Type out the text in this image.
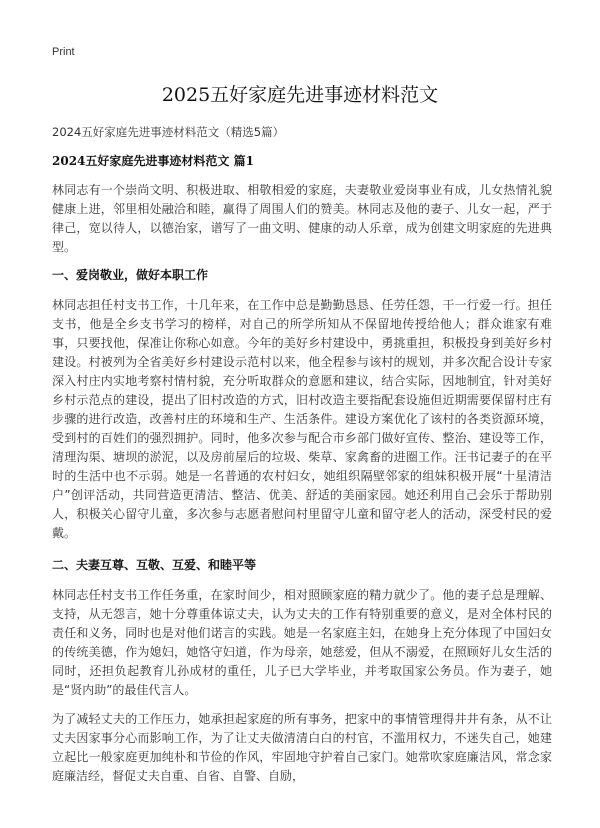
Print
2025五好家庭先进事迹材料范文
2024五好家庭先进事迹材料范文（精选5篇）
2024五好家庭先进事迹材料范文 篇1

林同志有一个崇尚文明、积极进取、相敬相爱的家庭，夫妻敬业爱岗事业有成，儿女热情礼貌健康上进，邻里相处融洽和睦，赢得了周围人们的赞美。林同志及他的妻子、儿女一起，严于律己，宽以待人，以德治家，谱写了一曲文明、健康的动人乐章，成为创建文明家庭的先进典型。

一、爱岗敬业，做好本职工作

林同志担任村支书工作，十几年来，在工作中总是勤勤恳恳、任劳任怨，干一行爱一行。担任支书，他是全乡支书学习的榜样，对自己的所学所知从不保留地传授给他人；群众谁家有难事，只要找他，保准让你称心如意。今年的美好乡村建设中，勇挑重担，积极投身到美好乡村建设。村被列为全省美好乡村建设示范村以来，他全程参与该村的规划，并多次配合设计专家深入村庄内实地考察村情村貌，充分听取群众的意愿和建议，结合实际，因地制宜，针对美好乡村示范点的建设，提出了旧村改造的方式，旧村改造主要指配套设施但近期需要保留村庄有步骤的进行改造，改善村庄的环境和生产、生活条件。建设方案优化了该村的各类资源环境，受到村的百姓们的强烈拥护。同时，他多次参与配合市乡部门做好宣传、整治、建设等工作，清理沟渠、塘坝的淤泥，以及房前屋后的垃圾、柴草、家禽畜的进圈工作。汪书记妻子的在平时的生活中也不示弱。她是一名普通的农村妇女，她组织隔壁邻家的组妹积极开展“十星清洁户”创评活动，共同营造更清洁、整洁、优美、舒适的美丽家园。她还利用自己会乐于帮助别人，积极关心留守儿童，多次参与志愿者慰问村里留守儿童和留守老人的活动，深受村民的爱戴。

二、夫妻互尊、互敬、互爱、和睦平等

林同志任村支书工作任务重，在家时间少，相对照顾家庭的精力就少了。他的妻子总是理解、支持，从无怨言，她十分尊重体谅丈夫，认为丈夫的工作有特别重要的意义，是对全体村民的责任和义务，同时也是对他们诺言的实践。她是一名家庭主妇，在她身上充分体现了中国妇女的传统美德，作为媳妇，她恪守妇道，作为母亲，她慈爱，但从不溺爱，在照顾好儿女生活的同时，还担负起教育儿孙成材的重任，儿子已大学毕业，并考取国家公务员。作为妻子，她是“贤内助”的最佳代言人。

为了减轻丈夫的工作压力，她承担起家庭的所有事务，把家中的事情管理得井井有条，从不让丈夫因家事分心而影响工作，为了让丈夫做清清白白的村官，不滥用权力，不迷失自己，她建立起比一般家庭更加纯朴和节俭的作风，牢固地守护着自己家门。她常吹家庭廉洁风，常念家庭廉洁经，督促丈夫自重、自省、自警、自励，
